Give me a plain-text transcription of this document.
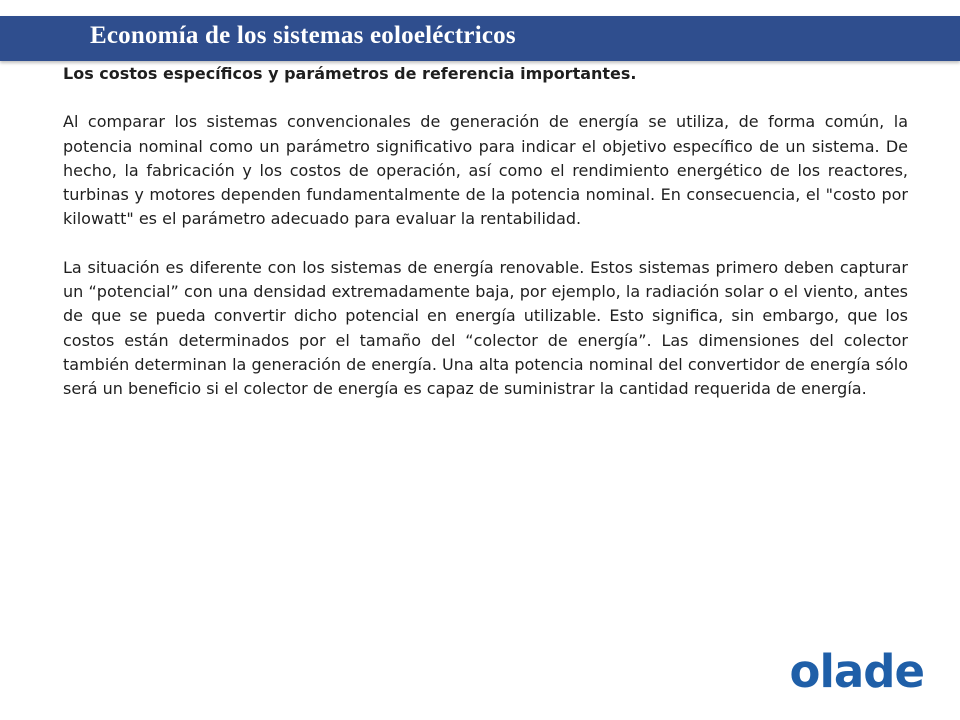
Economía de los sistemas eoloeléctricos

Los costos específicos y parámetros de referencia importantes.

Al comparar los sistemas convencionales de generación de energía se utiliza, de forma común, la potencia nominal como un parámetro significativo para indicar el objetivo específico de un sistema. De hecho, la fabricación y los costos de operación, así como el rendimiento energético de los reactores, turbinas y motores dependen fundamentalmente de la potencia nominal. En consecuencia, el "costo por kilowatt" es el parámetro adecuado para evaluar la rentabilidad.

La situación es diferente con los sistemas de energía renovable. Estos sistemas primero deben capturar un “potencial” con una densidad extremadamente baja, por ejemplo, la radiación solar o el viento, antes de que se pueda convertir dicho potencial en energía utilizable. Esto significa, sin embargo, que los costos están determinados por el tamaño del “colector de energía”. Las dimensiones del colector también determinan la generación de energía. Una alta potencia nominal del convertidor de energía sólo será un beneficio si el colector de energía es capaz de suministrar la cantidad requerida de energía.

olade
